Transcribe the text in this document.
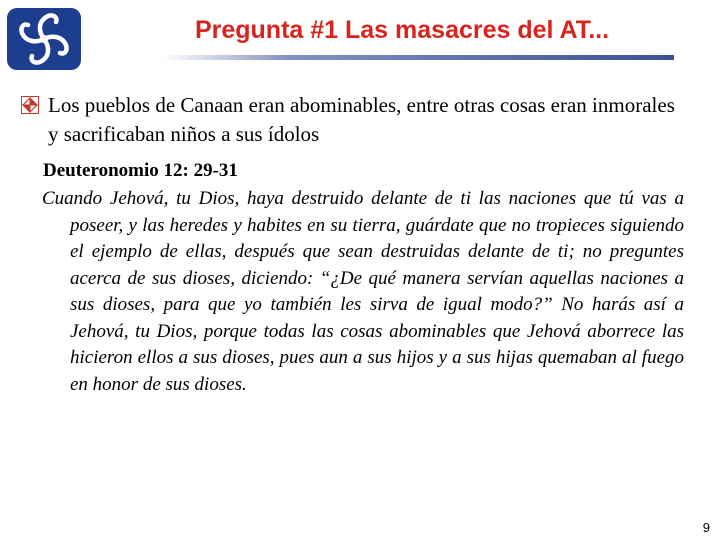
Pregunta #1 Las masacres del AT...
Los pueblos de Canaan eran abominables, entre otras cosas eran inmorales y sacrificaban niños a sus ídolos
Deuteronomio 12: 29-31
Cuando Jehová, tu Dios, haya destruido delante de ti las naciones que tú vas a poseer, y las heredes y habites en su tierra, guárdate que no tropieces siguiendo el ejemplo de ellas, después que sean destruidas delante de ti; no preguntes acerca de sus dioses, diciendo: “¿De qué manera servían aquellas naciones a sus dioses, para que yo también les sirva de igual modo?” No harás así a Jehová, tu Dios, porque todas las cosas abominables que Jehová aborrece las hicieron ellos a sus dioses, pues aun a sus hijos y a sus hijas quemaban al fuego en honor de sus dioses.
9
